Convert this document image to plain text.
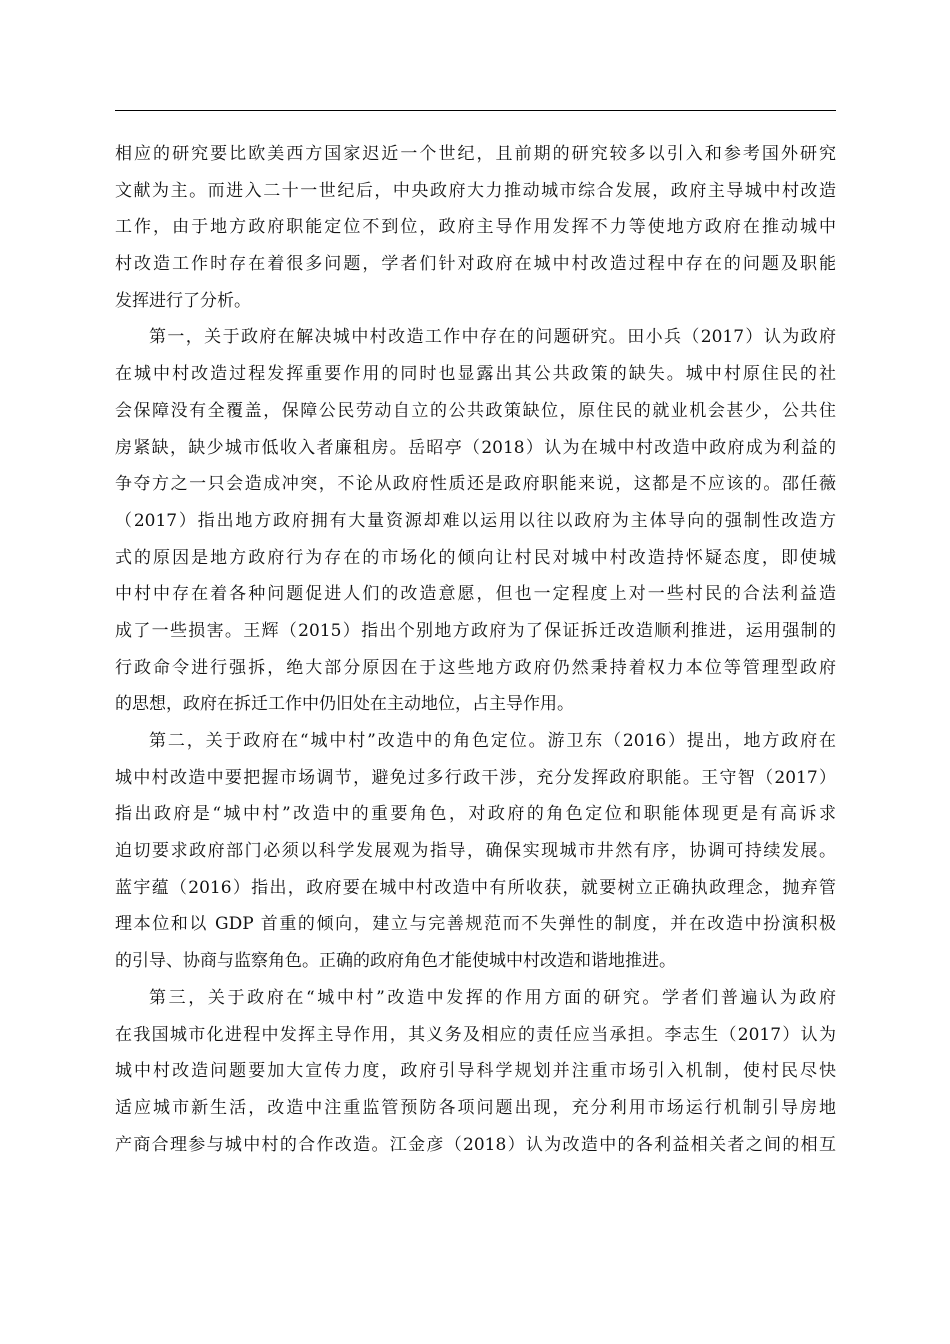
相应的研究要比欧美西方国家迟近一个世纪，且前期的研究较多以引入和参考国外研究
文献为主。而进入二十一世纪后，中央政府大力推动城市综合发展，政府主导城中村改造
工作，由于地方政府职能定位不到位，政府主导作用发挥不力等使地方政府在推动城中
村改造工作时存在着很多问题，学者们针对政府在城中村改造过程中存在的问题及职能
发挥进行了分析。

第一，关于政府在解决城中村改造工作中存在的问题研究。田小兵（2017）认为政府
在城中村改造过程发挥重要作用的同时也显露出其公共政策的缺失。城中村原住民的社
会保障没有全覆盖，保障公民劳动自立的公共政策缺位，原住民的就业机会甚少，公共住
房紧缺，缺少城市低收入者廉租房。岳昭亭（2018）认为在城中村改造中政府成为利益的
争夺方之一只会造成冲突，不论从政府性质还是政府职能来说，这都是不应该的。邵任薇
（2017）指出地方政府拥有大量资源却难以运用以往以政府为主体导向的强制性改造方
式的原因是地方政府行为存在的市场化的倾向让村民对城中村改造持怀疑态度，即使城
中村中存在着各种问题促进人们的改造意愿，但也一定程度上对一些村民的合法利益造
成了一些损害。王辉（2015）指出个别地方政府为了保证拆迁改造顺利推进，运用强制的
行政命令进行强拆，绝大部分原因在于这些地方政府仍然秉持着权力本位等管理型政府
的思想，政府在拆迁工作中仍旧处在主动地位，占主导作用。

第二，关于政府在“城中村”改造中的角色定位。游卫东（2016）提出，地方政府在
城中村改造中要把握市场调节，避免过多行政干涉，充分发挥政府职能。王守智（2017）
指出政府是“城中村”改造中的重要角色，对政府的角色定位和职能体现更是有高诉求
迫切要求政府部门必须以科学发展观为指导，确保实现城市井然有序，协调可持续发展。
蓝宇蕴（2016）指出，政府要在城中村改造中有所收获，就要树立正确执政理念，抛弃管
理本位和以 GDP 首重的倾向，建立与完善规范而不失弹性的制度，并在改造中扮演积极
的引导、协商与监察角色。正确的政府角色才能使城中村改造和谐地推进。

第三，关于政府在“城中村”改造中发挥的作用方面的研究。学者们普遍认为政府
在我国城市化进程中发挥主导作用，其义务及相应的责任应当承担。李志生（2017）认为
城中村改造问题要加大宣传力度，政府引导科学规划并注重市场引入机制，使村民尽快
适应城市新生活，改造中注重监管预防各项问题出现，充分利用市场运行机制引导房地
产商合理参与城中村的合作改造。江金彦（2018）认为改造中的各利益相关者之间的相互
